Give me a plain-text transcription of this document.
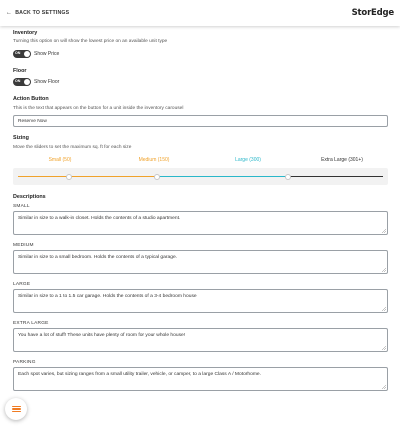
← BACK TO SETTINGS	StorEdge
Inventory
Turning this option on will show the lowest price on an available unit type
ON	Show Price
Floor
ON	Show Floor
Action Button
This is the text that appears on the button for a unit inside the inventory carousel
Reserve Now
Sizing
Move the sliders to set the maximum sq. ft for each size
Small (50)	Medium (150)	Large (300)	Extra Large (301+)
Descriptions
SMALL
Similar in size to a walk-in closet. Holds the contents of a studio apartment.
MEDIUM
Similar in size to a small bedroom. Holds the contents of a typical garage.
LARGE
Similar in size to a 1 to 1.5 car garage. Holds the contents of a 3-4 bedroom house
EXTRA LARGE
You have a lot of stuff! These units have plenty of room for your whole house!
PARKING
Each spot varies, but sizing ranges from a small utility trailer, vehicle, or camper, to a large Class A / Motorhome.
